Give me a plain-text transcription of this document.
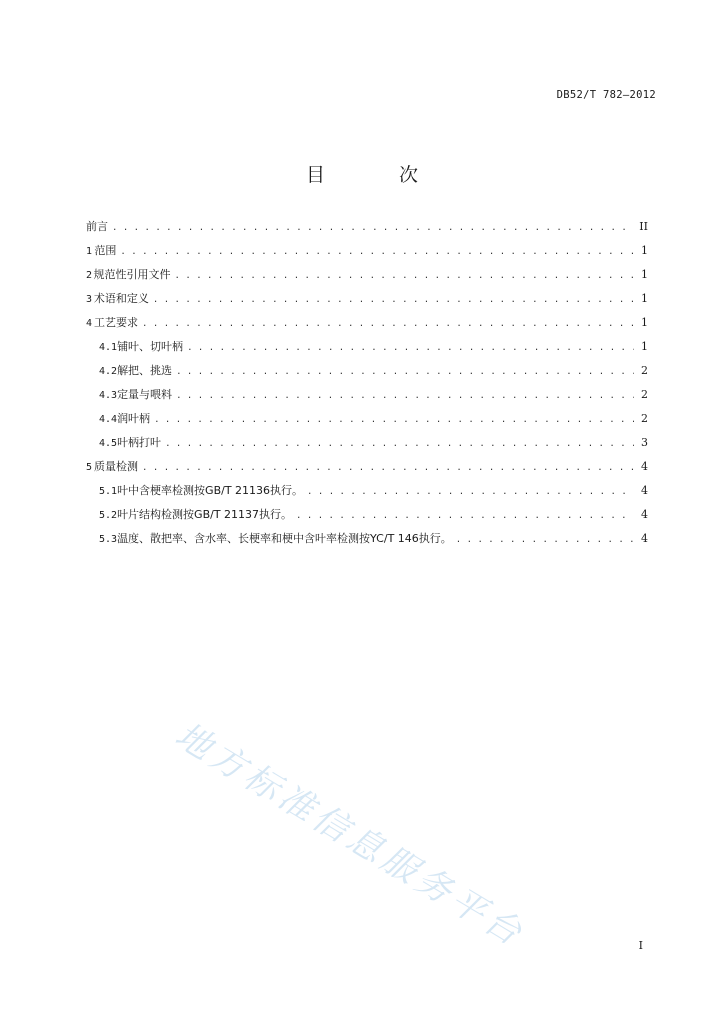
DB52/T 782—2012
目 次
前言 . . .	II
1 范围 . . .	1
2 规范性引用文件 . . .	1
3 术语和定义 . . .	1
4 工艺要求 . . .	1
4.1 铺叶、切叶柄 . . .	1
4.2 解把、挑选 . . .	2
4.3 定量与喂料 . . .	2
4.4 润叶柄 . . .	2
4.5 叶柄打叶 . . .	3
5 质量检测 . . .	4
5.1 叶中含梗率检测按GB/T 21136执行。 . . .	4
5.2 叶片结构检测按GB/T 21137执行。 . . .	4
5.3 温度、散把率、含水率、长梗率和梗中含叶率检测按YC/T 146执行。 . . .	4
地方标准信息服务平台	I
